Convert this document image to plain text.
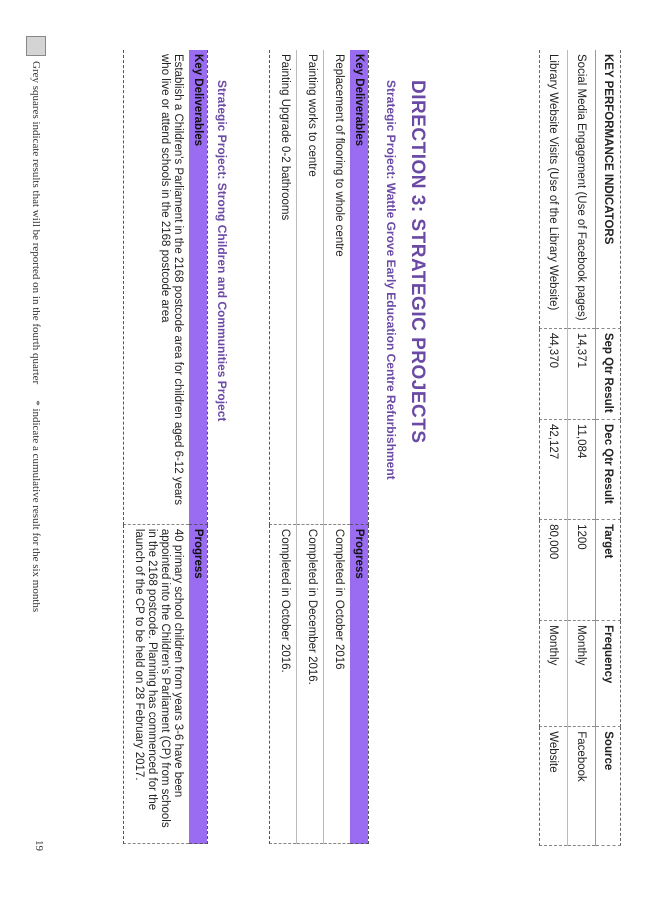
KEY PERFORMANCE INDICATORS	Sep Qtr Result	Dec Qtr Result	Target	Frequency	Source
Social Media Engagement (Use of Facebook pages)	14,371	11,084	1200	Monthly	Facebook
Library Website Visits (Use of the Library Website)	44,370	42,127	80,000	Monthly	Website
DIRECTION 3: STRATEGIC PROJECTS
Strategic Project: Wattle Grove Early Education Centre Refurbishment
Key Deliverables	Progress
Replacement of flooring to whole centre	Completed in October 2016
Painting works to centre	Completed in December 2016.
Painting Upgrade 0-2 bathrooms	Completed in October 2016.
Strategic Project: Strong Children and Communities Project
Key Deliverables	Progress
Establish a Children's Parliament in the 2168 postcode area for children aged 6-12 years who live or attend schools in the 2168 postcode area	40 primary school children from years 3-6 have been appointed into the Children's Parliament (CP) from schools in the 2168 postcode. Planning has commenced for the launch of the CP to be held on 28 February 2017.
Grey squares indicate results that will be reported on in the fourth quarter
* indicate a cumulative result for the six months
19
